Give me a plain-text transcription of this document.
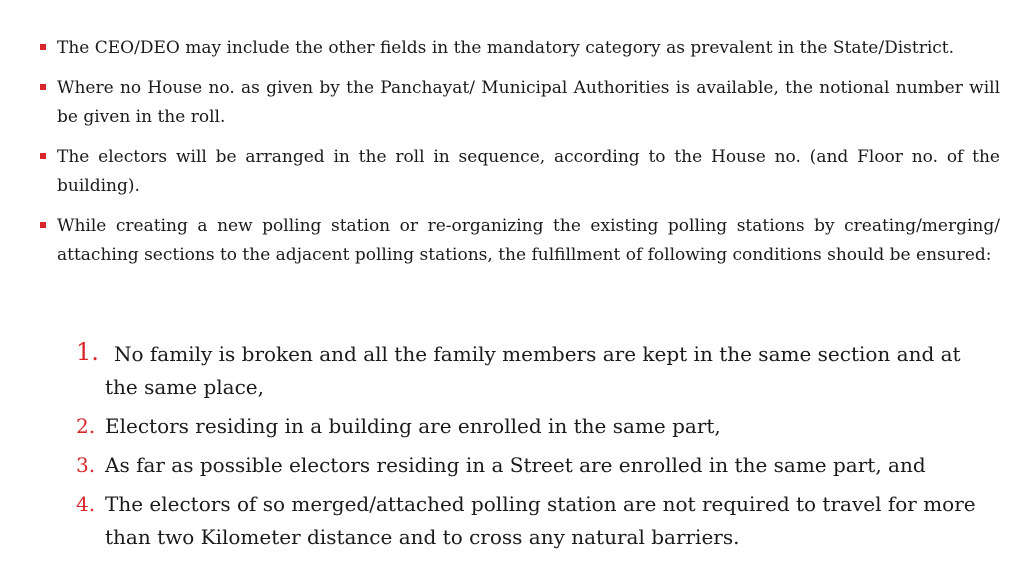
The CEO/DEO may include the other fields in the mandatory category as prevalent in the State/District.
Where no House no. as given by the Panchayat/ Municipal Authorities is available, the notional number will be given in the roll.
The electors will be arranged in the roll in sequence, according to the House no. (and Floor no. of the building).
While creating a new polling station or re-organizing the existing polling stations by creating/merging/ attaching sections to the adjacent polling stations, the fulfillment of following conditions should be ensured:
1. No family is broken and all the family members are kept in the same section and at the same place,
2. Electors residing in a building are enrolled in the same part,
3. As far as possible electors residing in a Street are enrolled in the same part, and
4. The electors of so merged/attached polling station are not required to travel for more than two Kilometer distance and to cross any natural barriers.
